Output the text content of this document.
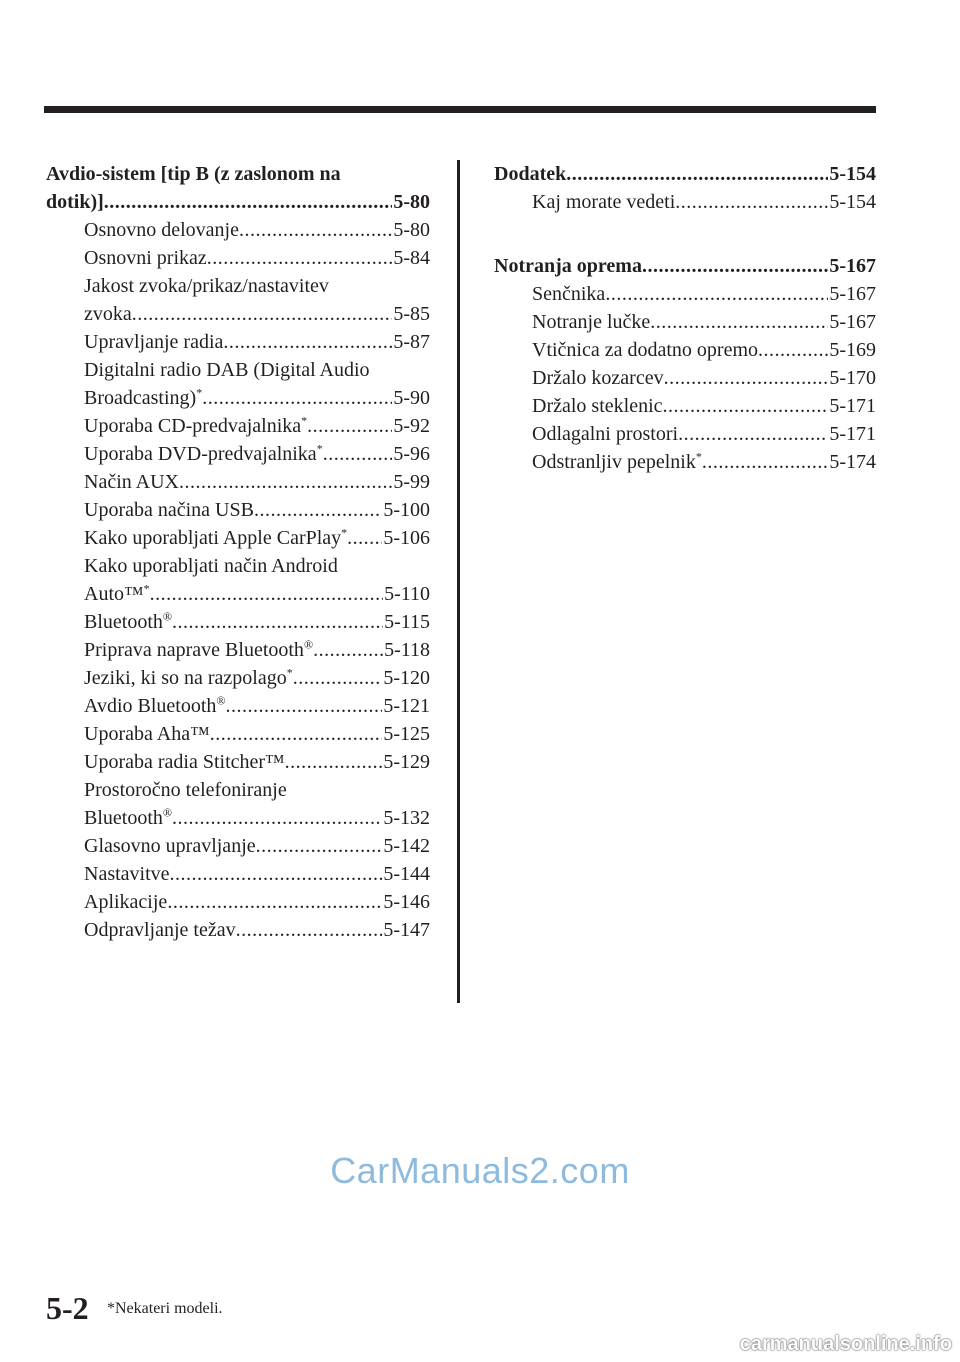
Avdio-sistem [tip B (z zaslonom na
dotik)] .....	5-80
Osnovno delovanje .....	5-80
Osnovni prikaz .....	5-84
Jakost zvoka/prikaz/nastavitev
zvoka .....	5-85
Upravljanje radia .....	5-87
Digitalni radio DAB (Digital Audio
Broadcasting)* .....	5-90
Uporaba CD-predvajalnika* .....	5-92
Uporaba DVD-predvajalnika* .....	5-96
Način AUX .....	5-99
Uporaba načina USB .....	5-100
Kako uporabljati Apple CarPlay* ..... 5-106
Kako uporabljati način Android
Auto™* .....	5-110
Bluetooth® .....	5-115
Priprava naprave Bluetooth® .....	5-118
Jeziki, ki so na razpolago* .....	5-120
Avdio Bluetooth® .....	5-121
Uporaba Aha™ .....	5-125
Uporaba radia Stitcher™ .....	5-129
Prostoročno telefoniranje
Bluetooth® .....	5-132
Glasovno upravljanje .....	5-142
Nastavitve .....	5-144
Aplikacije .....	5-146
Odpravljanje težav .....	5-147
Dodatek .....	5-154
Kaj morate vedeti .....	5-154
Notranja oprema .....	5-167
Senčnika .....	5-167
Notranje lučke .....	5-167
Vtičnica za dodatno opremo .....	5-169
Držalo kozarcev .....	5-170
Držalo steklenic .....	5-171
Odlagalni prostori .....	5-171
Odstranljiv pepelnik* .....	5-174
CarManuals2.com
5-2 *Nekateri modeli.
carmanualsonline.info
